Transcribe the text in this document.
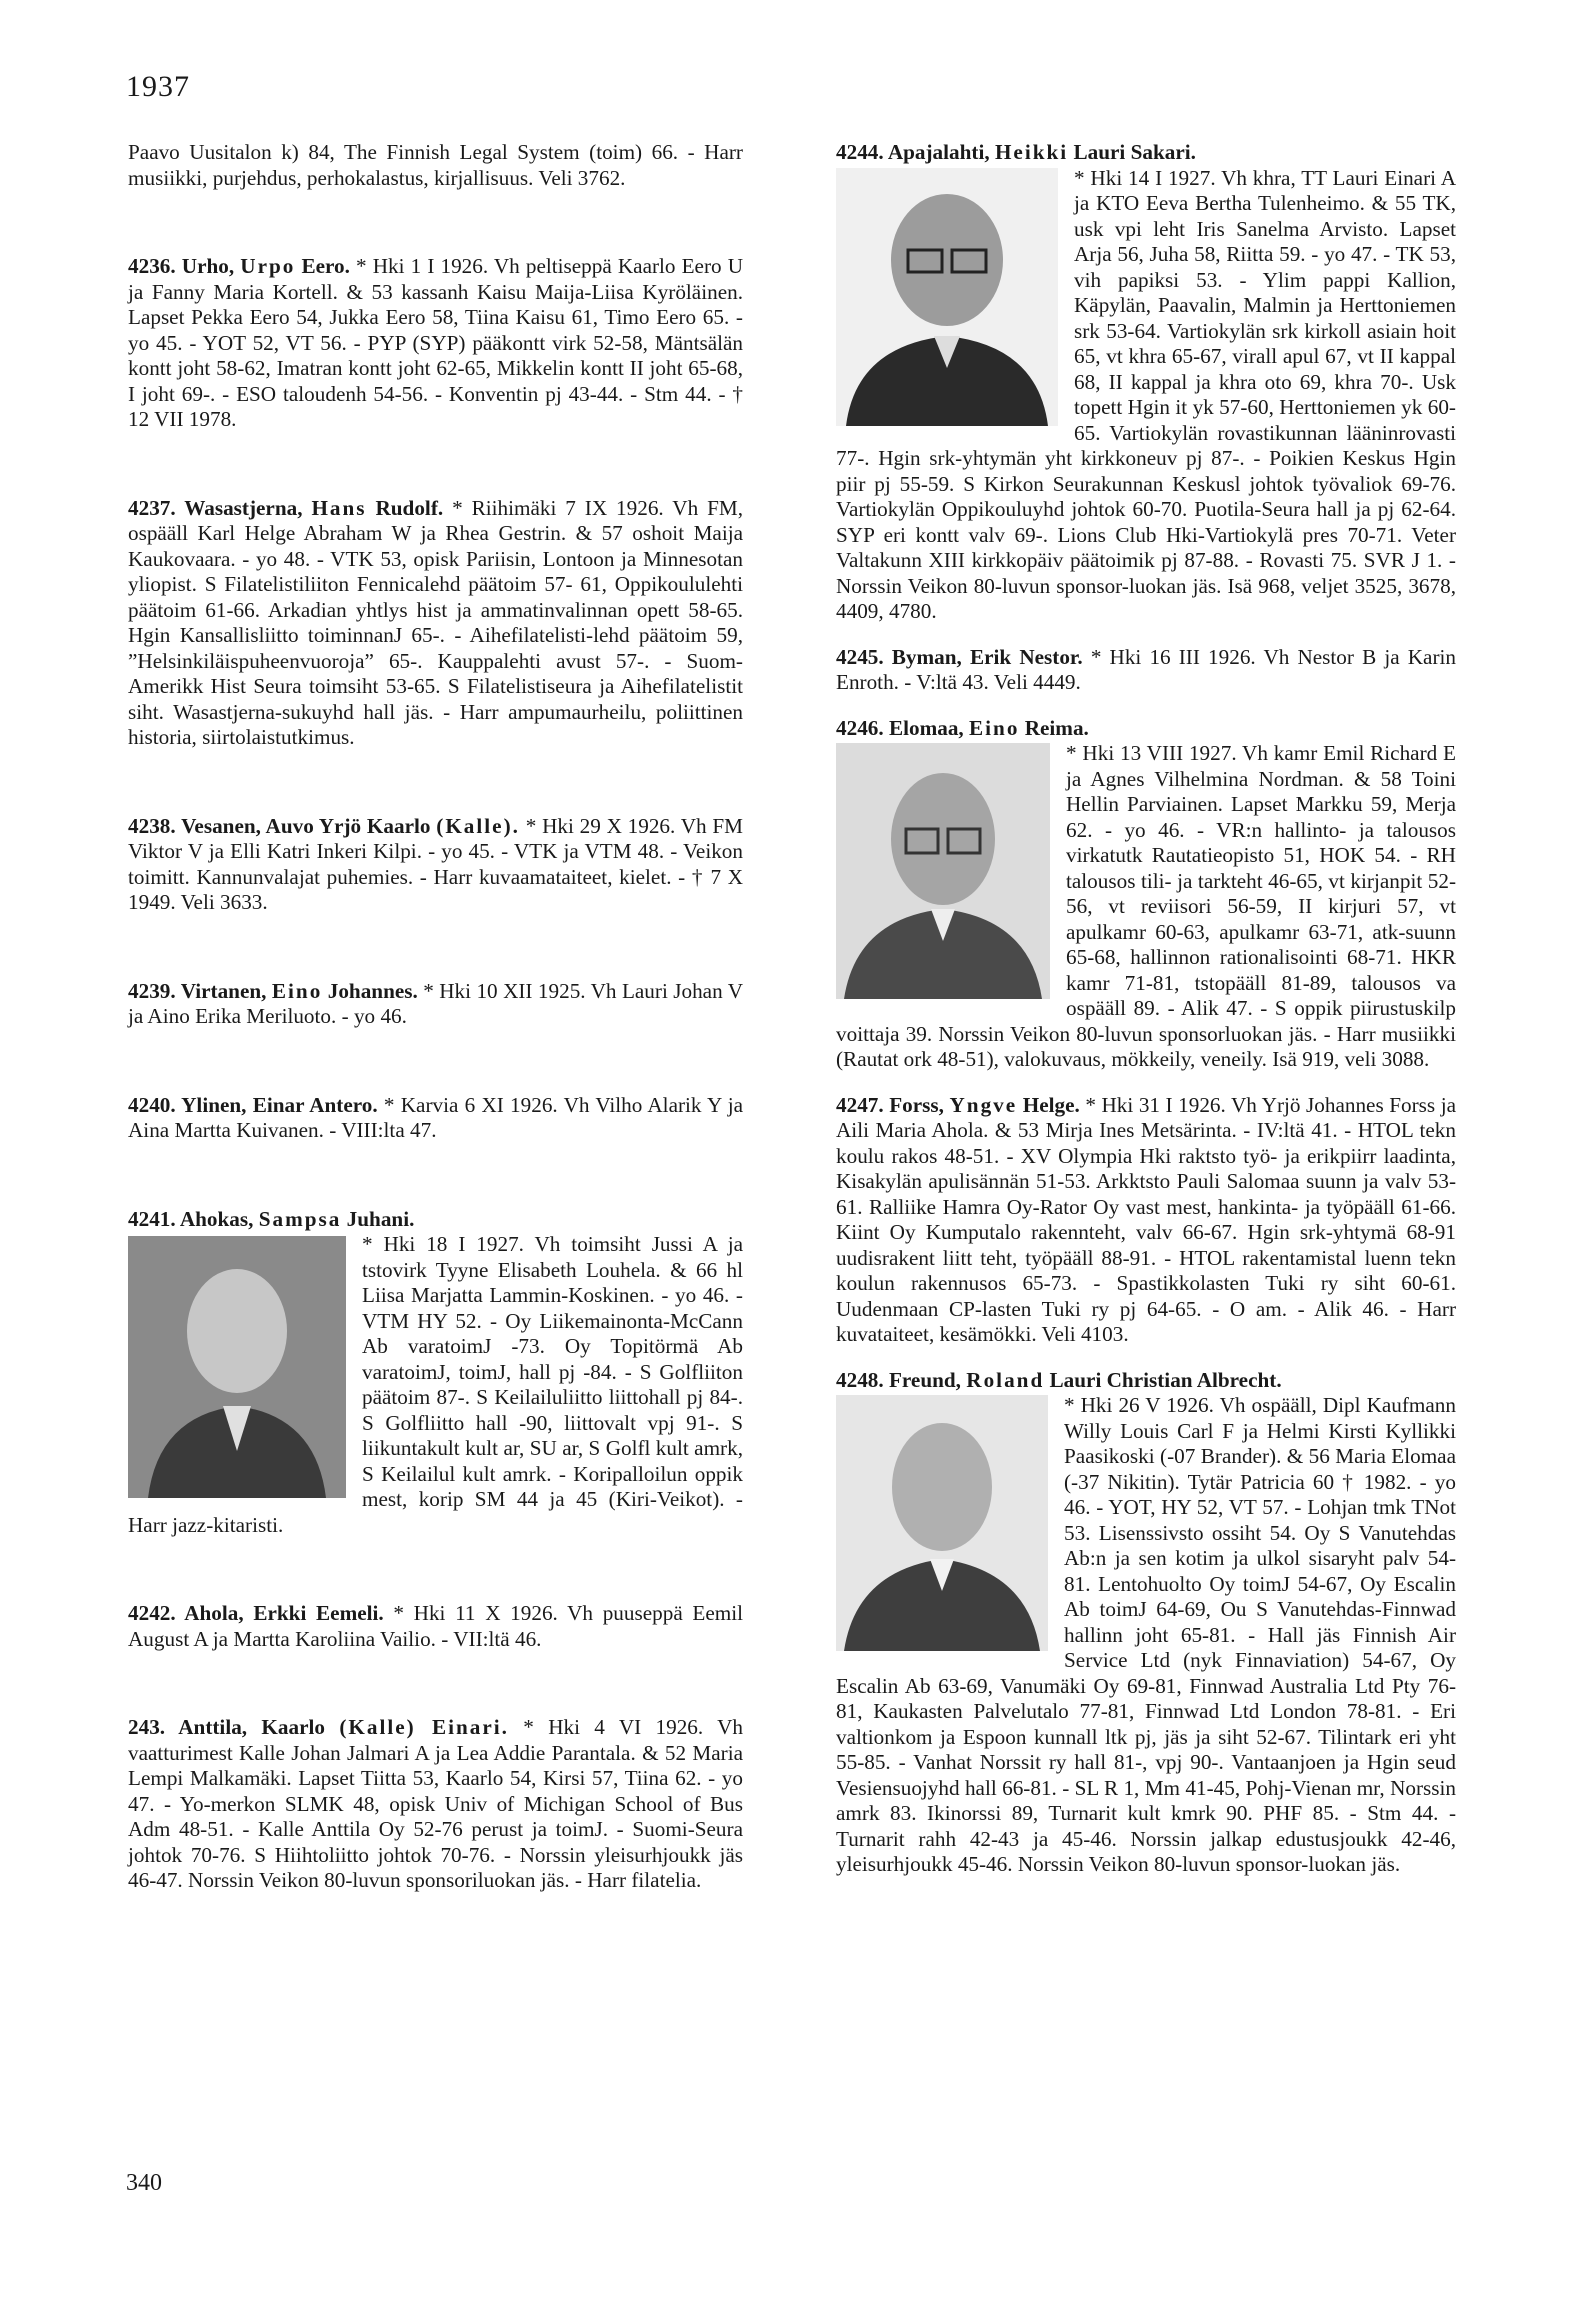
1937

Paavo Uusitalon k) 84, The Finnish Legal System (toim) 66. - Harr musiikki, purjehdus, perhokalastus, kirjallisuus. Veli 3762.

4236. Urho, Urpo Eero. * Hki 1 I 1926. Vh peltiseppä Kaarlo Eero U ja Fanny Maria Kortell. & 53 kassanh Kaisu Maija-Liisa Kyröläinen. Lapset Pekka Eero 54, Jukka Eero 58, Tiina Kaisu 61, Timo Eero 65. - yo 45. - YOT 52, VT 56. - PYP (SYP) pääkontt virk 52-58, Mäntsälän kontt joht 58-62, Imatran kontt joht 62-65, Mikkelin kontt II joht 65-68, I joht 69-. - ESO taloudenh 54-56. - Konventin pj 43-44. - Stm 44. - † 12 VII 1978.

4237. Wasastjerna, Hans Rudolf. * Riihimäki 7 IX 1926. Vh FM, ospääll Karl Helge Abraham W ja Rhea Gestrin. & 57 oshoit Maija Kaukovaara. - yo 48. - VTK 53, opisk Pariisin, Lontoon ja Minnesotan yliopist. S Filatelistiliiton Fennicalehd päätoim 57- 61, Oppikoululehti päätoim 61-66. Arkadian yhtlys hist ja ammatinvalinnan opett 58-65. Hgin Kansallisliitto toiminnanJ 65-. - Aihefilatelisti-lehd päätoim 59, ”Helsinkiläispuheenvuoroja” 65-. Kauppalehti avust 57-. - Suom-Amerikk Hist Seura toimsiht 53-65. S Filatelistiseura ja Aihefilatelistit siht. Wasastjerna-sukuyhd hall jäs. - Harr ampumaurheilu, poliittinen historia, siirtolaistutkimus.

4238. Vesanen, Auvo Yrjö Kaarlo (Kalle). * Hki 29 X 1926. Vh FM Viktor V ja Elli Katri Inkeri Kilpi. - yo 45. - VTK ja VTM 48. - Veikon toimitt. Kannunvalajat puhemies. - Harr kuvaamataiteet, kielet. - † 7 X 1949. Veli 3633.

4239. Virtanen, Eino Johannes. * Hki 10 XII 1925. Vh Lauri Johan V ja Aino Erika Meriluoto. - yo 46.

4240. Ylinen, Einar Antero. * Karvia 6 XI 1926. Vh Vilho Alarik Y ja Aina Martta Kuivanen. - VIII:lta 47.

4241. Ahokas, Sampsa Juhani.

* Hki 18 I 1927. Vh toimsiht Jussi A ja tstovirk Tyyne Elisabeth Louhela. & 66 hl Liisa Marjatta Lammin-Koskinen. - yo 46. - VTM HY 52. - Oy Liikemainonta-McCann Ab varatoimJ -73. Oy Topitörmä Ab varatoimJ, toimJ, hall pj -84. - S Golfliiton päätoim 87-. S Keilailuliitto liittohall pj 84-. S Golfliitto hall -90, liittovalt vpj 91-. S liikuntakult kult ar, SU ar, S Golfl kult amrk, S Keilailul kult amrk. - Koripalloilun oppik mest, korip SM 44 ja 45 (Kiri-Veikot). - Harr jazz-kitaristi.

4242. Ahola, Erkki Eemeli. * Hki 11 X 1926. Vh puuseppä Eemil August A ja Martta Karoliina Vailio. - VII:ltä 46.

243. Anttila, Kaarlo (Kalle) Einari. * Hki 4 VI 1926. Vh vaatturimest Kalle Johan Jalmari A ja Lea Addie Parantala. & 52 Maria Lempi Malkamäki. Lapset Tiitta 53, Kaarlo 54, Kirsi 57, Tiina 62. - yo 47. - Yo-merkon SLMK 48, opisk Univ of Michigan School of Bus Adm 48-51. - Kalle Anttila Oy 52-76 perust ja toimJ. - Suomi-Seura johtok 70-76. S Hiihtoliitto johtok 70-76. - Norssin yleisurhjoukk jäs 46-47. Norssin Veikon 80-luvun sponsoriluokan jäs. - Harr filatelia.

4244. Apajalahti, Heikki Lauri Sakari.

* Hki 14 I 1927. Vh khra, TT Lauri Einari A ja KTO Eeva Bertha Tulenheimo. & 55 TK, usk vpi leht Iris Sanelma Arvisto. Lapset Arja 56, Juha 58, Riitta 59. - yo 47. - TK 53, vih papiksi 53. - Ylim pappi Kallion, Käpylän, Paavalin, Malmin ja Herttoniemen srk 53-64. Vartiokylän srk kirkoll asiain hoit 65, vt khra 65-67, virall apul 67, vt II kappal 68, II kappal ja khra oto 69, khra 70-. Usk topett Hgin it yk 57-60, Herttoniemen yk 60-65. Vartiokylän rovastikunnan lääninrovasti 77-. Hgin srk-yhtymän yht kirkkoneuv pj 87-. - Poikien Keskus Hgin piir pj 55-59. S Kirkon Seurakunnan Keskusl johtok työvaliok 69-76. Vartiokylän Oppikouluyhd johtok 60-70. Puotila-Seura hall ja pj 62-64. SYP eri kontt valv 69-. Lions Club Hki-Vartiokylä pres 70-71. Veter Valtakunn XIII kirkkopäiv päätoimik pj 87-88. - Rovasti 75. SVR J 1. - Norssin Veikon 80-luvun sponsor-luokan jäs. Isä 968, veljet 3525, 3678, 4409, 4780.

4245. Byman, Erik Nestor. * Hki 16 III 1926. Vh Nestor B ja Karin Enroth. - V:ltä 43. Veli 4449.

4246. Elomaa, Eino Reima.

* Hki 13 VIII 1927. Vh kamr Emil Richard E ja Agnes Vilhelmina Nordman. & 58 Toini Hellin Parviainen. Lapset Markku 59, Merja 62. - yo 46. - VR:n hallinto- ja talousos virkatutk Rautatieopisto 51, HOK 54. - RH talousos tili- ja tarkteht 46-65, vt kirjanpit 52-56, vt reviisori 56-59, II kirjuri 57, vt apulkamr 60-63, apulkamr 63-71, atk-suunn 65-68, hallinnon rationalisointi 68-71. HKR kamr 71-81, tstopääll 81-89, talousos va ospääll 89. - Alik 47. - S oppik piirustuskilp voittaja 39. Norssin Veikon 80-luvun sponsorluokan jäs. - Harr musiikki (Rautat ork 48-51), valokuvaus, mökkeily, veneily. Isä 919, veli 3088.

4247. Forss, Yngve Helge. * Hki 31 I 1926. Vh Yrjö Johannes Forss ja Aili Maria Ahola. & 53 Mirja Ines Metsärinta. - IV:ltä 41. - HTOL tekn koulu rakos 48-51. - XV Olympia Hki raktsto työ- ja erikpiirr laadinta, Kisakylän apulisännän 51-53. Arkktsto Pauli Salomaa suunn ja valv 53-61. Ralliike Hamra Oy-Rator Oy vast mest, hankinta- ja työpääll 61-66. Kiint Oy Kumputalo rakennteht, valv 66-67. Hgin srk-yhtymä 68-91 uudisrakent liitt teht, työpääll 88-91. - HTOL rakentamistal luenn tekn koulun rakennusos 65-73. - Spastikkolasten Tuki ry siht 60-61. Uudenmaan CP-lasten Tuki ry pj 64-65. - O am. - Alik 46. - Harr kuvataiteet, kesämökki. Veli 4103.

4248. Freund, Roland Lauri Christian Albrecht.

* Hki 26 V 1926. Vh ospääll, Dipl Kaufmann Willy Louis Carl F ja Helmi Kirsti Kyllikki Paasikoski (-07 Brander). & 56 Maria Elomaa (-37 Nikitin). Tytär Patricia 60 † 1982. - yo 46. - YOT, HY 52, VT 57. - Lohjan tmk TNot 53. Lisenssivsto ossiht 54. Oy S Vanutehdas Ab:n ja sen kotim ja ulkol sisaryht palv 54-81. Lentohuolto Oy toimJ 54-67, Oy Escalin Ab toimJ 64-69, Ou S Vanutehdas-Finnwad hallinn joht 65-81. - Hall jäs Finnish Air Service Ltd (nyk Finnaviation) 54-67, Oy Escalin Ab 63-69, Vanumäki Oy 69-81, Finnwad Australia Ltd Pty 76-81, Kaukasten Palvelutalo 77-81, Finnwad Ltd London 78-81. - Eri valtionkom ja Espoon kunnall ltk pj, jäs ja siht 52-67. Tilintark eri yht 55-85. - Vanhat Norssit ry hall 81-, vpj 90-. Vantaanjoen ja Hgin seud Vesiensuojyhd hall 66-81. - SL R 1, Mm 41-45, Pohj-Vienan mr, Norssin amrk 83. Ikinorssi 89, Turnarit kult kmrk 90. PHF 85. - Stm 44. - Turnarit rahh 42-43 ja 45-46. Norssin jalkap edustusjoukk 42-46, yleisurhjoukk 45-46. Norssin Veikon 80-luvun sponsor-luokan jäs.

340
